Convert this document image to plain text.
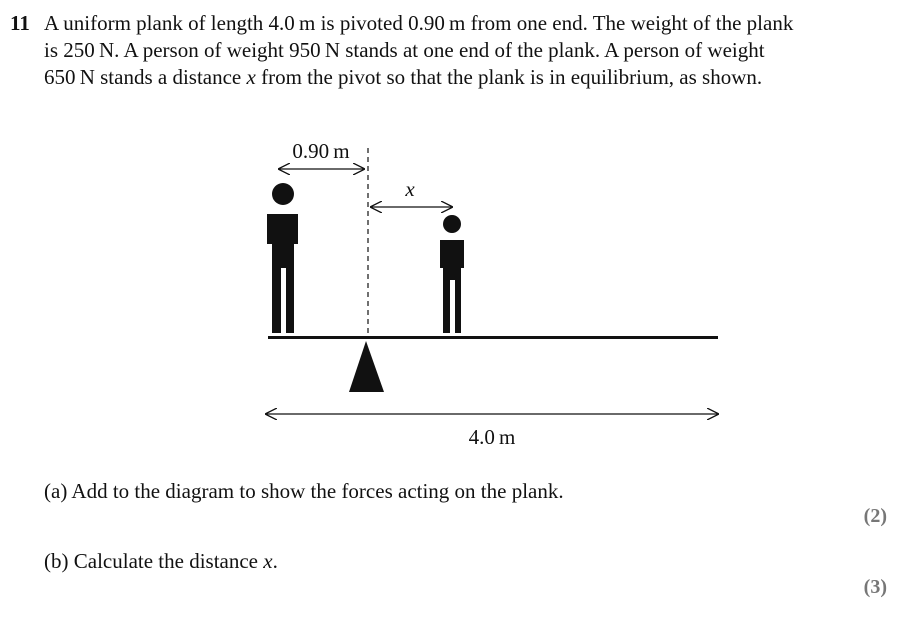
11 A uniform plank of length 4.0 m is pivoted 0.90 m from one end. The weight of the plank
is 250 N. A person of weight 950 N stands at one end of the plank. A person of weight
650 N stands a distance x from the pivot so that the plank is in equilibrium, as shown.
0.90 m
x
4.0 m
(a) Add to the diagram to show the forces acting on the plank.
(2)
(b) Calculate the distance x.
(3)
